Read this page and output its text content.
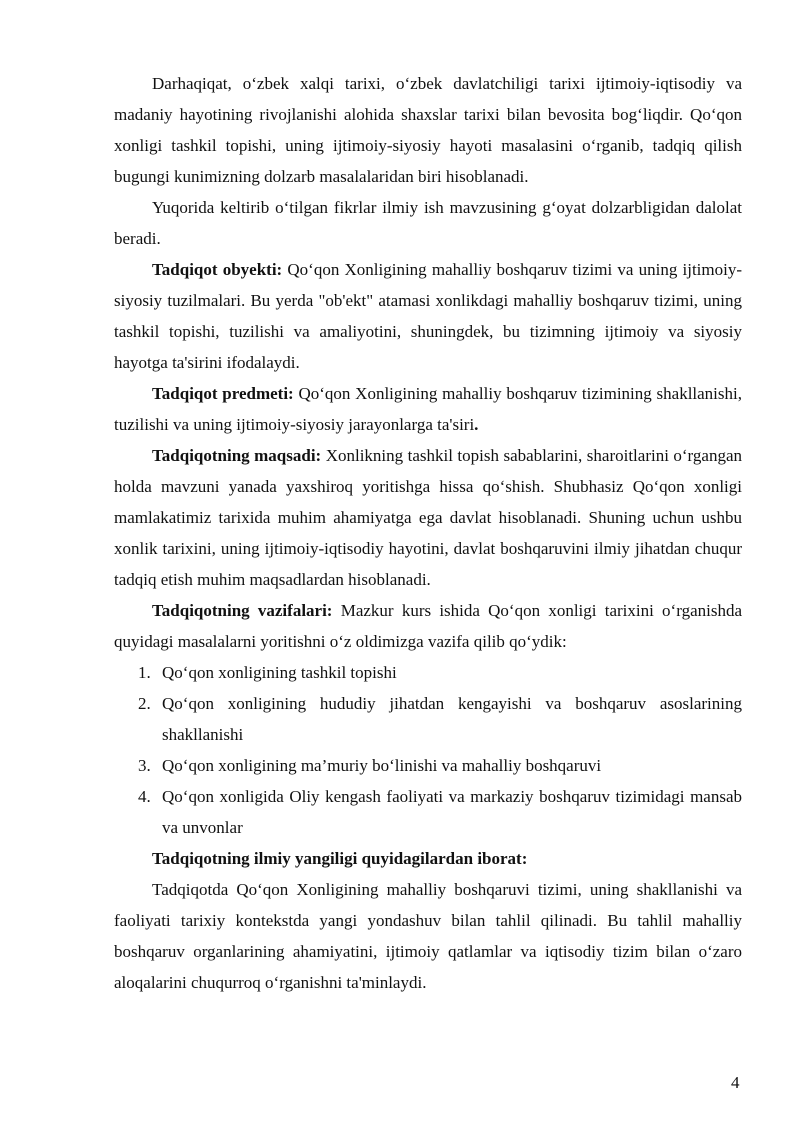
Darhaqiqat, o‘zbek xalqi tarixi, o‘zbek davlatchiligi tarixi ijtimoiy-iqtisodiy va madaniy hayotining rivojlanishi alohida shaxslar tarixi bilan bevosita bog‘liqdir. Qo‘qon xonligi tashkil topishi, uning ijtimoiy-siyosiy hayoti masalasini o‘rganib, tadqiq qilish bugungi kunimizning dolzarb masalalaridan biri hisoblanadi.

Yuqorida keltirib o‘tilgan fikrlar ilmiy ish mavzusining g‘oyat dolzarbligidan dalolat beradi.

Tadqiqot obyekti: Qo‘qon Xonligining mahalliy boshqaruv tizimi va uning ijtimoiy-siyosiy tuzilmalari. Bu yerda "ob'ekt" atamasi xonlikdagi mahalliy boshqaruv tizimi, uning tashkil topishi, tuzilishi va amaliyotini, shuningdek, bu tizimning ijtimoiy va siyosiy hayotga ta'sirini ifodalaydi.

Tadqiqot predmeti: Qo‘qon Xonligining mahalliy boshqaruv tizimining shakllanishi, tuzilishi va uning ijtimoiy-siyosiy jarayonlarga ta'siri.

Tadqiqotning maqsadi: Xonlikning tashkil topish sabablarini, sharoitlarini o‘rgangan holda mavzuni yanada yaxshiroq yoritishga hissa qo‘shish. Shubhasiz Qo‘qon xonligi mamlakatimiz tarixida muhim ahamiyatga ega davlat hisoblanadi. Shuning uchun ushbu xonlik tarixini, uning ijtimoiy-iqtisodiy hayotini, davlat boshqaruvini ilmiy jihatdan chuqur tadqiq etish muhim maqsadlardan hisoblanadi.

Tadqiqotning vazifalari: Mazkur kurs ishida Qo‘qon xonligi tarixini o‘rganishda quyidagi masalalarni yoritishni o‘z oldimizga vazifa qilib qo‘ydik:

1. Qo‘qon xonligining tashkil topishi
2. Qo‘qon xonligining hududiy jihatdan kengayishi va boshqaruv asoslarining shakllanishi
3. Qo‘qon xonligining ma’muriy bo‘linishi va mahalliy boshqaruvi
4. Qo‘qon xonligida Oliy kengash faoliyati va markaziy boshqaruv tizimidagi mansab va unvonlar

Tadqiqotning ilmiy yangiligi quyidagilardan iborat:

Tadqiqotda Qo‘qon Xonligining mahalliy boshqaruvi tizimi, uning shakllanishi va faoliyati tarixiy kontekstda yangi yondashuv bilan tahlil qilinadi. Bu tahlil mahalliy boshqaruv organlarining ahamiyatini, ijtimoiy qatlamlar va iqtisodiy tizim bilan o‘zaro aloqalarini chuqurroq o‘rganishni ta'minlaydi.

4
